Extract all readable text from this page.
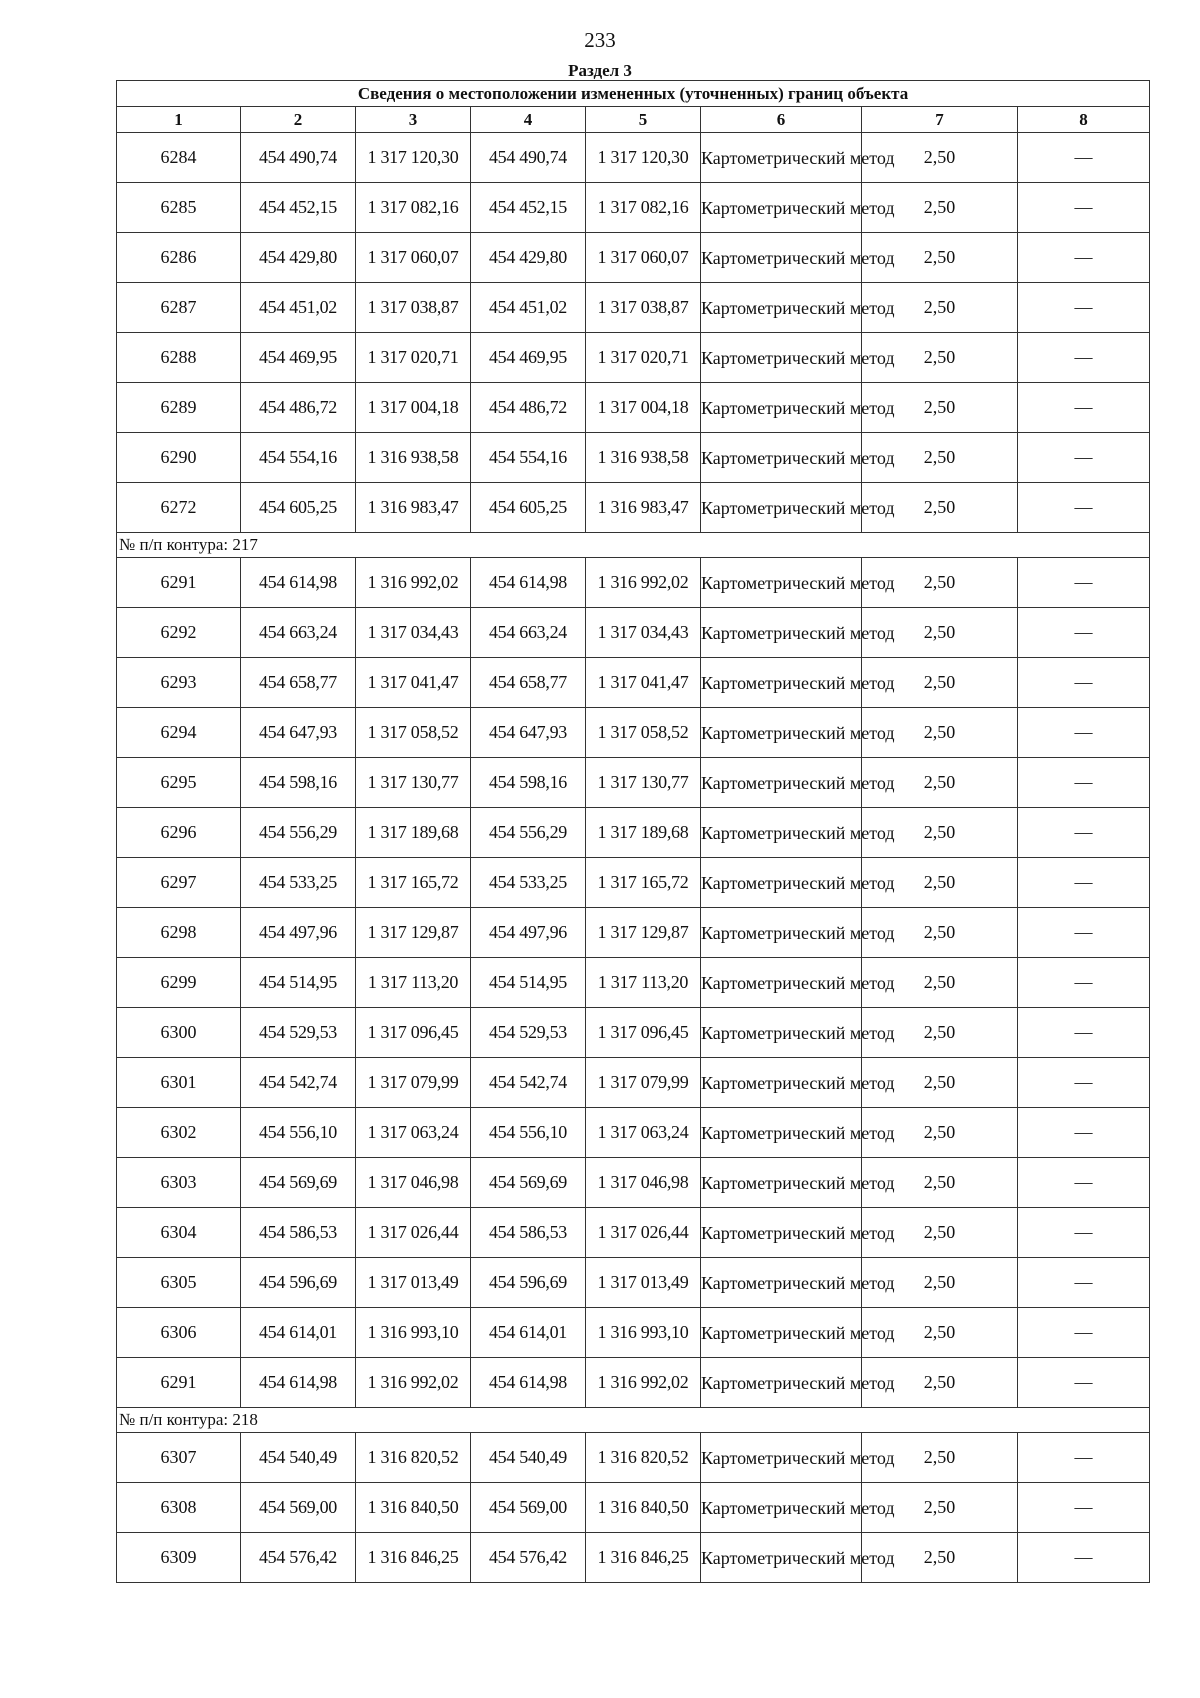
233
Раздел 3
Сведения о местоположении измененных (уточненных) границ объекта							
1	2	3	4	5	6	7	8
6284	454 490,74	1 317 120,30	454 490,74	1 317 120,30	Картометрический метод	2,50	—
6285	454 452,15	1 317 082,16	454 452,15	1 317 082,16	Картометрический метод	2,50	—
6286	454 429,80	1 317 060,07	454 429,80	1 317 060,07	Картометрический метод	2,50	—
6287	454 451,02	1 317 038,87	454 451,02	1 317 038,87	Картометрический метод	2,50	—
6288	454 469,95	1 317 020,71	454 469,95	1 317 020,71	Картометрический метод	2,50	—
6289	454 486,72	1 317 004,18	454 486,72	1 317 004,18	Картометрический метод	2,50	—
6290	454 554,16	1 316 938,58	454 554,16	1 316 938,58	Картометрический метод	2,50	—
6272	454 605,25	1 316 983,47	454 605,25	1 316 983,47	Картометрический метод	2,50	—
№ п/п контура: 217							
6291	454 614,98	1 316 992,02	454 614,98	1 316 992,02	Картометрический метод	2,50	—
6292	454 663,24	1 317 034,43	454 663,24	1 317 034,43	Картометрический метод	2,50	—
6293	454 658,77	1 317 041,47	454 658,77	1 317 041,47	Картометрический метод	2,50	—
6294	454 647,93	1 317 058,52	454 647,93	1 317 058,52	Картометрический метод	2,50	—
6295	454 598,16	1 317 130,77	454 598,16	1 317 130,77	Картометрический метод	2,50	—
6296	454 556,29	1 317 189,68	454 556,29	1 317 189,68	Картометрический метод	2,50	—
6297	454 533,25	1 317 165,72	454 533,25	1 317 165,72	Картометрический метод	2,50	—
6298	454 497,96	1 317 129,87	454 497,96	1 317 129,87	Картометрический метод	2,50	—
6299	454 514,95	1 317 113,20	454 514,95	1 317 113,20	Картометрический метод	2,50	—
6300	454 529,53	1 317 096,45	454 529,53	1 317 096,45	Картометрический метод	2,50	—
6301	454 542,74	1 317 079,99	454 542,74	1 317 079,99	Картометрический метод	2,50	—
6302	454 556,10	1 317 063,24	454 556,10	1 317 063,24	Картометрический метод	2,50	—
6303	454 569,69	1 317 046,98	454 569,69	1 317 046,98	Картометрический метод	2,50	—
6304	454 586,53	1 317 026,44	454 586,53	1 317 026,44	Картометрический метод	2,50	—
6305	454 596,69	1 317 013,49	454 596,69	1 317 013,49	Картометрический метод	2,50	—
6306	454 614,01	1 316 993,10	454 614,01	1 316 993,10	Картометрический метод	2,50	—
6291	454 614,98	1 316 992,02	454 614,98	1 316 992,02	Картометрический метод	2,50	—
№ п/п контура: 218							
6307	454 540,49	1 316 820,52	454 540,49	1 316 820,52	Картометрический метод	2,50	—
6308	454 569,00	1 316 840,50	454 569,00	1 316 840,50	Картометрический метод	2,50	—
6309	454 576,42	1 316 846,25	454 576,42	1 316 846,25	Картометрический метод	2,50	—
